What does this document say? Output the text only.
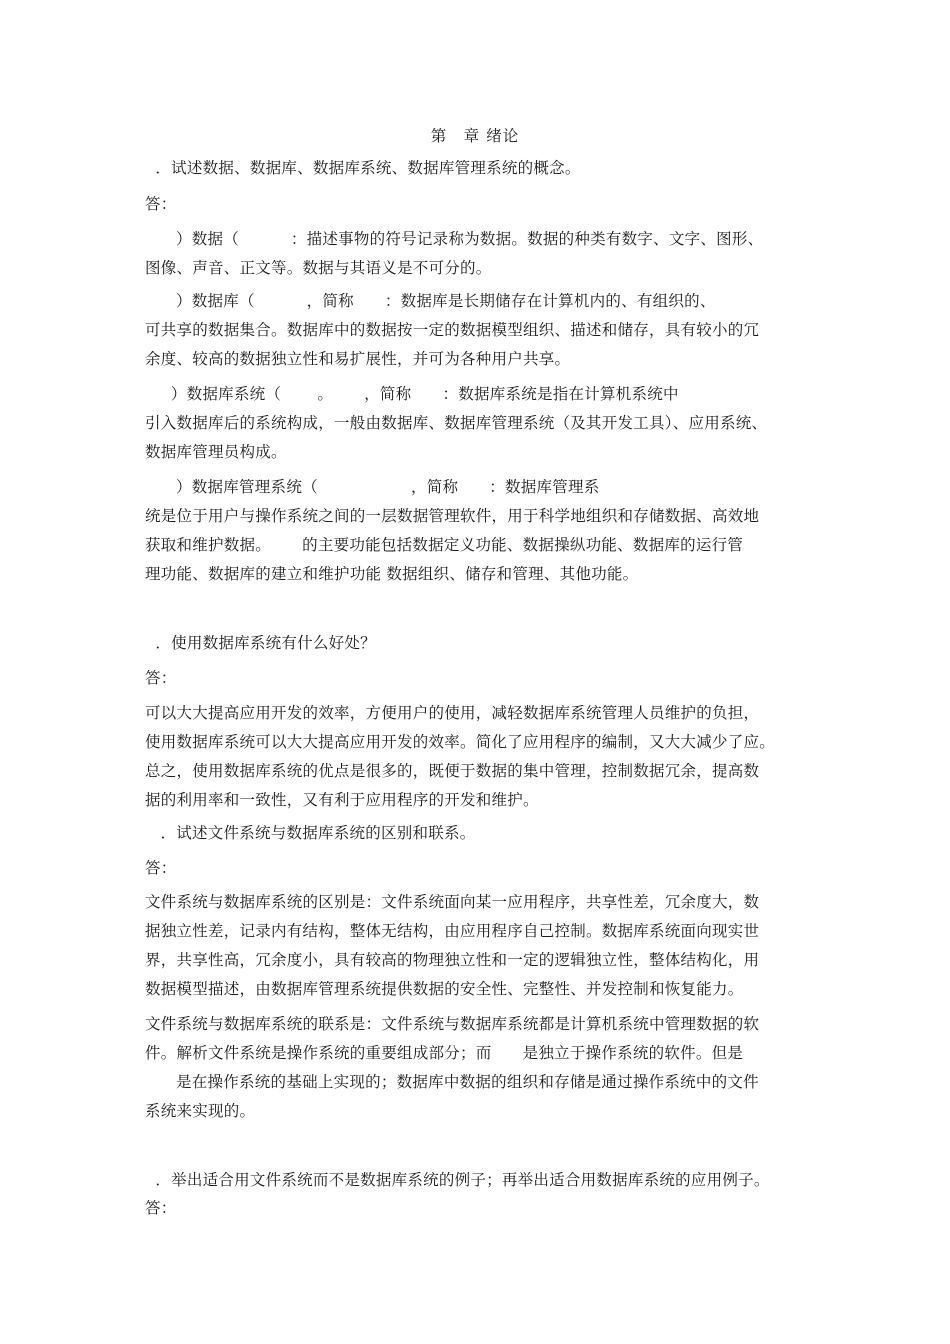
第　章 绪论

．试述数据、数据库、数据库系统、数据库管理系统的概念。

答：

）数据（          ：描述事物的符号记录称为数据。数据的种类有数字、文字、图形、

图像、声音、正文等。数据与其语义是不可分的。

）数据库（          ，简称      ：数据库是长期储存在计算机内的、有组织的、

可共享的数据集合。数据库中的数据按一定的数据模型组织、描述和储存，具有较小的冗

余度、较高的数据独立性和易扩展性，并可为各种用户共享。

）数据库系统（       。      ，简称      ：数据库系统是指在计算机系统中

引入数据库后的系统构成，一般由数据库、数据库管理系统（及其开发工具）、应用系统、

数据库管理员构成。

）数据库管理系统（                  ，简称      ：数据库管理系

统是位于用户与操作系统之间的一层数据管理软件，用于科学地组织和存储数据、高效地

获取和维护数据。      的主要功能包括数据定义功能、数据操纵功能、数据库的运行管

理功能、数据库的建立和维护功能 数据组织、储存和管理、其他功能。

．使用数据库系统有什么好处？

答：

可以大大提高应用开发的效率，方便用户的使用，减轻数据库系统管理人员维护的负担，

使用数据库系统可以大大提高应用开发的效率。简化了应用程序的编制，又大大减少了应。

总之，使用数据库系统的优点是很多的，既便于数据的集中管理，控制数据冗余，提高数

据的利用率和一致性，又有利于应用程序的开发和维护。

．试述文件系统与数据库系统的区别和联系。

答：

文件系统与数据库系统的区别是：文件系统面向某一应用程序，共享性差，冗余度大，数

据独立性差，记录内有结构，整体无结构，由应用程序自己控制。数据库系统面向现实世

界，共享性高，冗余度小，具有较高的物理独立性和一定的逻辑独立性，整体结构化，用

数据模型描述，由数据库管理系统提供数据的安全性、完整性、并发控制和恢复能力。

文件系统与数据库系统的联系是：文件系统与数据库系统都是计算机系统中管理数据的软

件。解析文件系统是操作系统的重要组成部分；而      是独立于操作系统的软件。但是

是在操作系统的基础上实现的；数据库中数据的组织和存储是通过操作系统中的文件

系统来实现的。

．举出适合用文件系统而不是数据库系统的例子；再举出适合用数据库系统的应用例子。

答：
